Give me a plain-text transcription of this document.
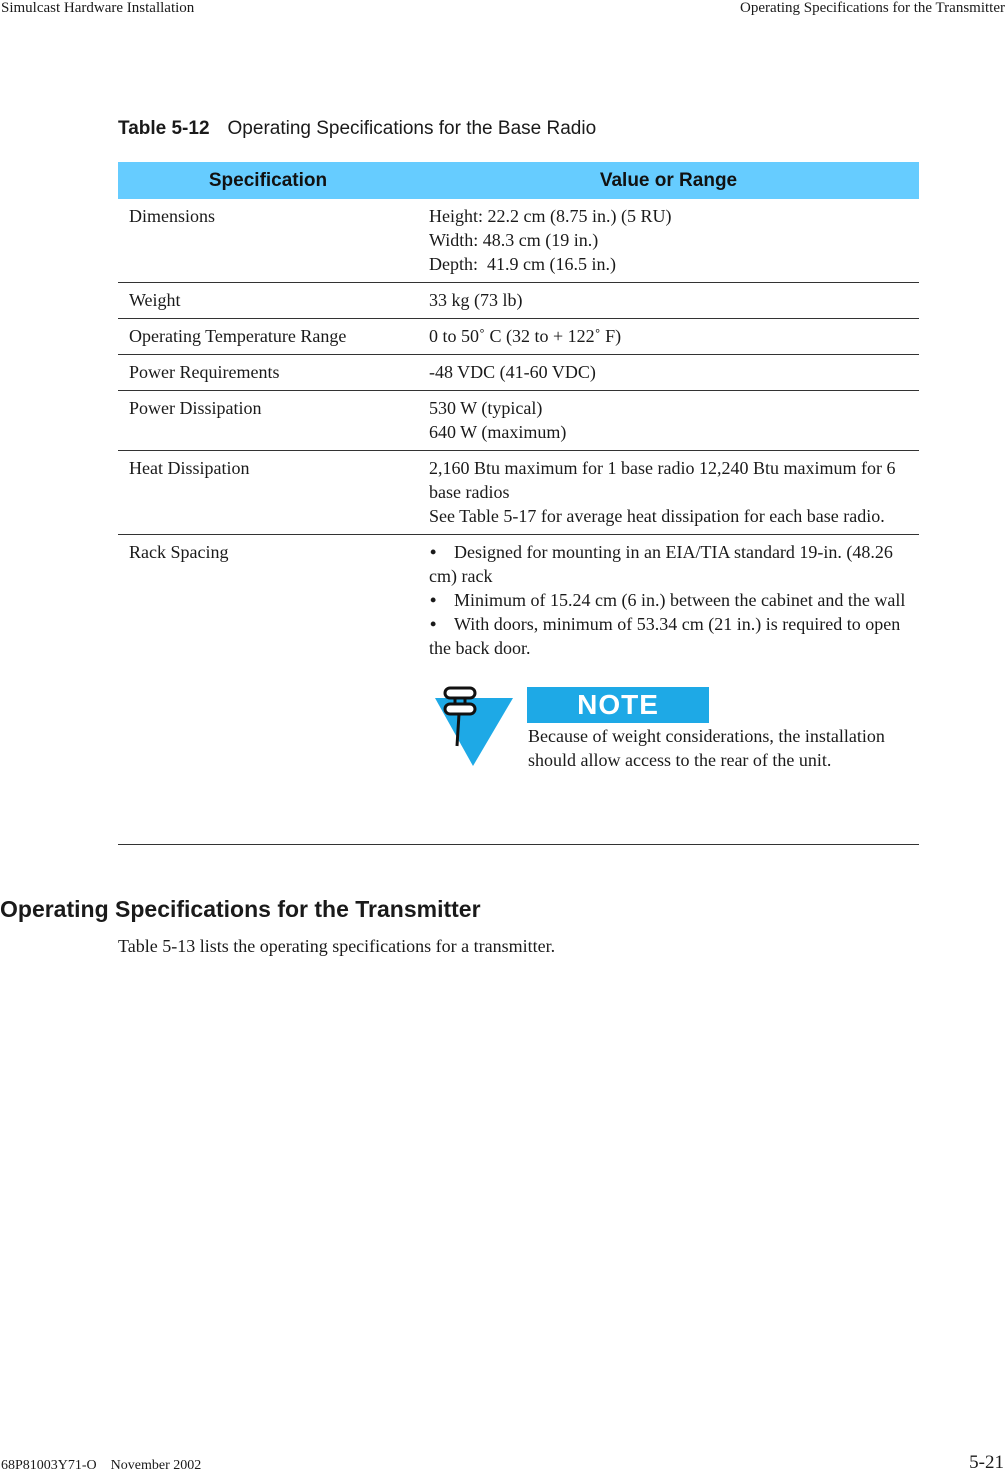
Simulcast Hardware Installation	Operating Specifications for the Transmitter
Table 5-12 Operating Specifications for the Base Radio
Specification	Value or Range
Dimensions	Height: 22.2 cm (8.75 in.) (5 RU)
Width: 48.3 cm (19 in.)
Depth:  41.9 cm (16.5 in.)

Weight	33 kg (73 lb)

Operating Temperature Range	0 to 50˚ C (32 to + 122˚ F)

Power Requirements	-48 VDC (41-60 VDC)

Power Dissipation	530 W (typical)
640 W (maximum)

Heat Dissipation	2,160 Btu maximum for 1 base radio 12,240 Btu maximum for 6 base radios
See Table 5-17 for average heat dissipation for each base radio.

Rack Spacing	• Designed for mounting in an EIA/TIA standard 19-in. (48.26 cm) rack
• Minimum of 15.24 cm (6 in.) between the cabinet and the wall
• With doors, minimum of 53.34 cm (21 in.) is required to open the back door.
NOTE
Because of weight considerations, the installation should allow access to the rear of the unit.
Operating Specifications for the Transmitter
Table 5-13 lists the operating specifications for a transmitter.
68P81003Y71-O November 2002	5-21
